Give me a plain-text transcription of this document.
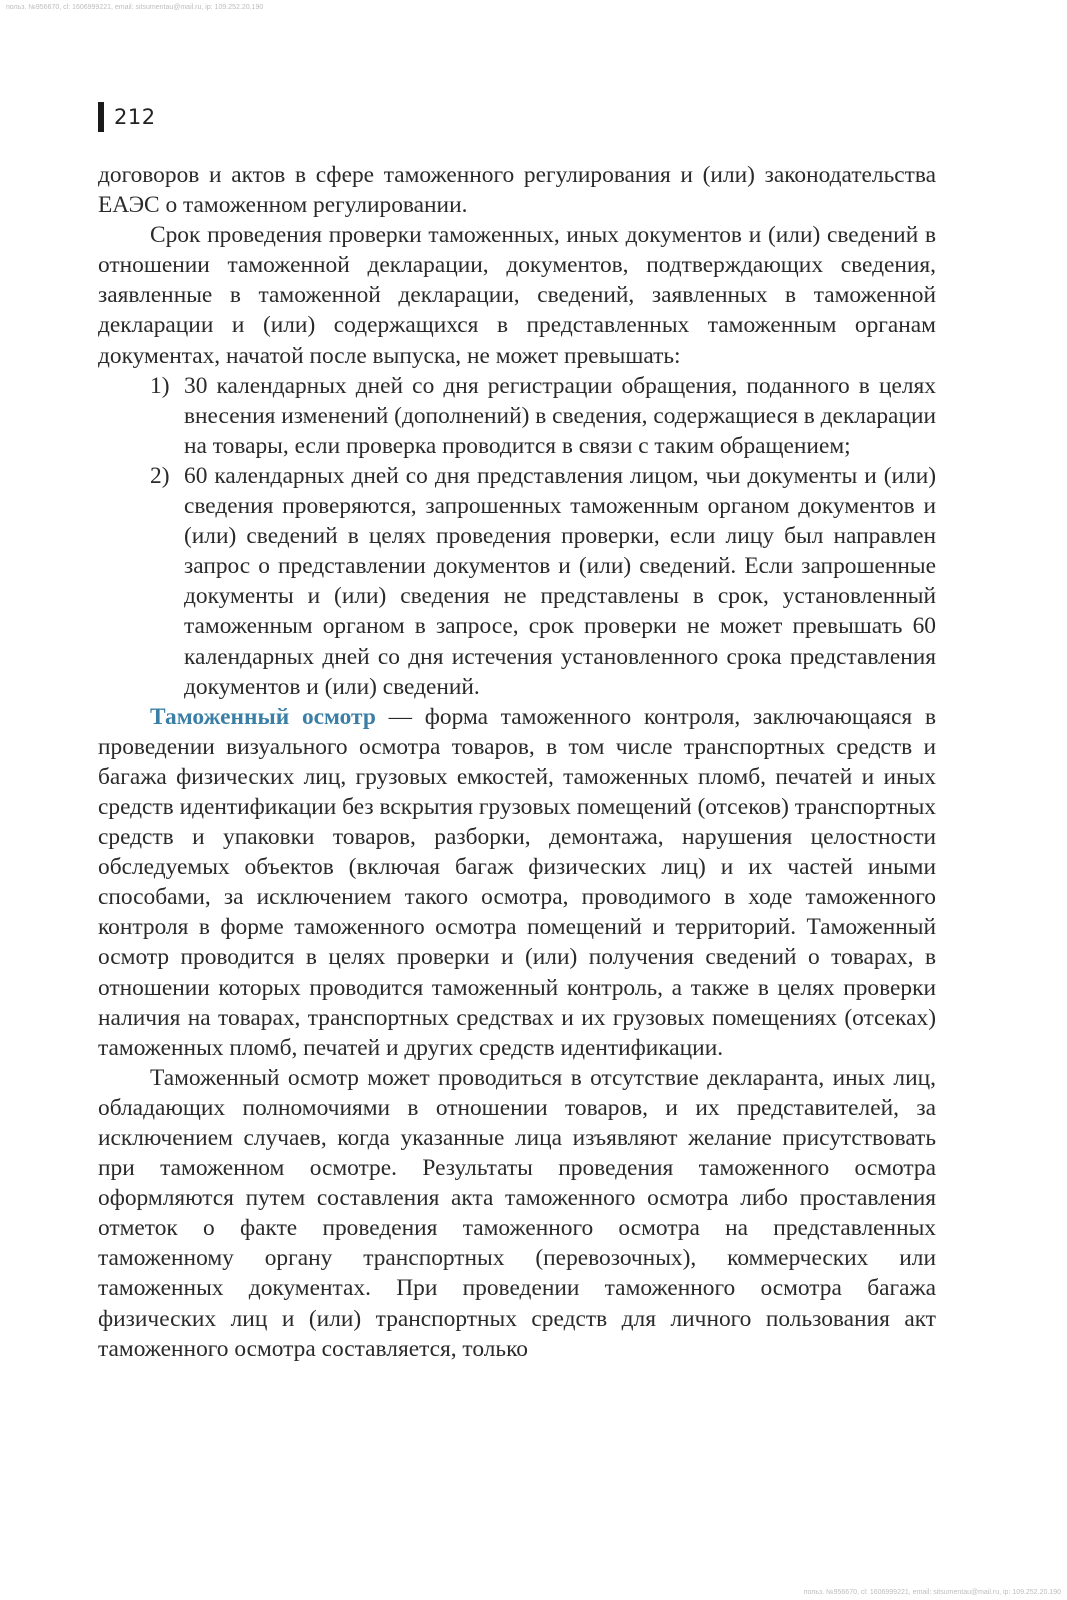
польз. №956670, cl: 1606999221, email: sitsumentau@mail.ru, ip: 109.252.20.190
212

договоров и актов в сфере таможенного регулирования и (или) законодательства ЕАЭС о таможенном регулировании.

Срок проведения проверки таможенных, иных документов и (или) сведений в отношении таможенной декларации, документов, подтверждающих сведения, заявленные в таможенной декларации, сведений, заявленных в таможенной декларации и (или) содержащихся в представленных таможенным органам документах, начатой после выпуска, не может превышать:

1) 30 календарных дней со дня регистрации обращения, поданного в целях внесения изменений (дополнений) в сведения, содержащиеся в декларации на товары, если проверка проводится в связи с таким обращением;

2) 60 календарных дней со дня представления лицом, чьи документы и (или) сведения проверяются, запрошенных таможенным органом документов и (или) сведений в целях проведения проверки, если лицу был направлен запрос о представлении документов и (или) сведений. Если запрошенные документы и (или) сведения не представлены в срок, установленный таможенным органом в запросе, срок проверки не может превышать 60 календарных дней со дня истечения установленного срока представления документов и (или) сведений.

Таможенный осмотр — форма таможенного контроля, заключающаяся в проведении визуального осмотра товаров, в том числе транспортных средств и багажа физических лиц, грузовых емкостей, таможенных пломб, печатей и иных средств идентификации без вскрытия грузовых помещений (отсеков) транспортных средств и упаковки товаров, разборки, демонтажа, нарушения целостности обследуемых объектов (включая багаж физических лиц) и их частей иными способами, за исключением такого осмотра, проводимого в ходе таможенного контроля в форме таможенного осмотра помещений и территорий. Таможенный осмотр проводится в целях проверки и (или) получения сведений о товарах, в отношении которых проводится таможенный контроль, а также в целях проверки наличия на товарах, транспортных средствах и их грузовых помещениях (отсеках) таможенных пломб, печатей и других средств идентификации.

Таможенный осмотр может проводиться в отсутствие декларанта, иных лиц, обладающих полномочиями в отношении товаров, и их представителей, за исключением случаев, когда указанные лица изъявляют желание присутствовать при таможенном осмотре. Результаты проведения таможенного осмотра оформляются путем составления акта таможенного осмотра либо проставления отметок о факте проведения таможенного осмотра на представленных таможенному органу транспортных (перевозочных), коммерческих или таможенных документах. При проведении таможенного осмотра багажа физических лиц и (или) транспортных средств для личного пользования акт таможенного осмотра составляется, только

польз. №956670, cl: 1606999221, email: sitsumentau@mail.ru, ip: 109.252.20.190
